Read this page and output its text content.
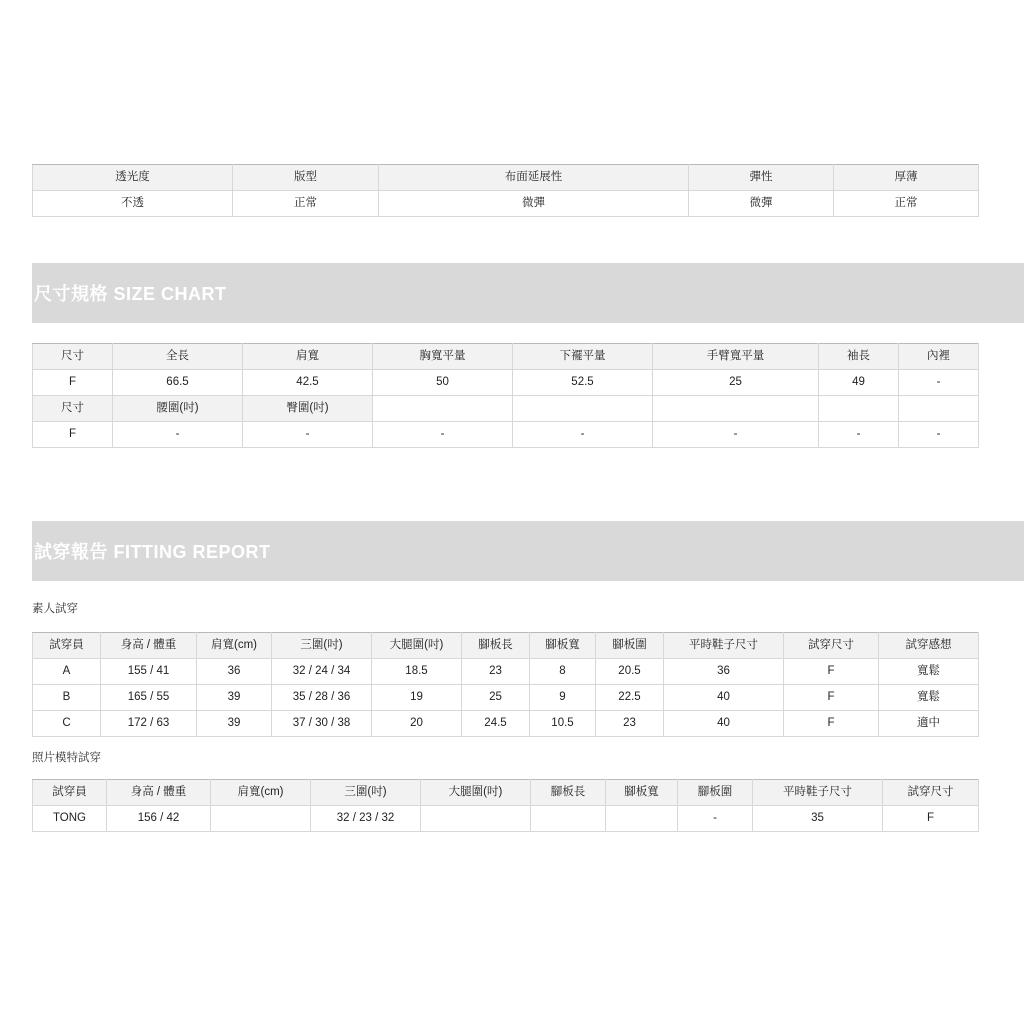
透光度	版型	布面延展性	彈性	厚薄
不透	正常	微彈	微彈	正常
尺寸規格 SIZE CHART
尺寸	全長	肩寬	胸寬平量	下襬平量	手臂寬平量	袖長	內裡
F	66.5	42.5	50	52.5	25	49	-
尺寸	腰圍(吋)	臀圍(吋)					
F	-	-	-	-	-	-	-
試穿報告 FITTING REPORT
素人試穿
試穿員	身高 / 體重	肩寬(cm)	三圍(吋)	大腿圍(吋)	腳板長	腳板寬	腳板圍	平時鞋子尺寸	試穿尺寸	試穿感想
A	155 / 41	36	32 / 24 / 34	18.5	23	8	20.5	36	F	寬鬆
B	165 / 55	39	35 / 28 / 36	19	25	9	22.5	40	F	寬鬆
C	172 / 63	39	37 / 30 / 38	20	24.5	10.5	23	40	F	適中
照片模特試穿
試穿員	身高 / 體重	肩寬(cm)	三圍(吋)	大腿圍(吋)	腳板長	腳板寬	腳板圍	平時鞋子尺寸	試穿尺寸
TONG	156 / 42		32 / 23 / 32				-	35	F
